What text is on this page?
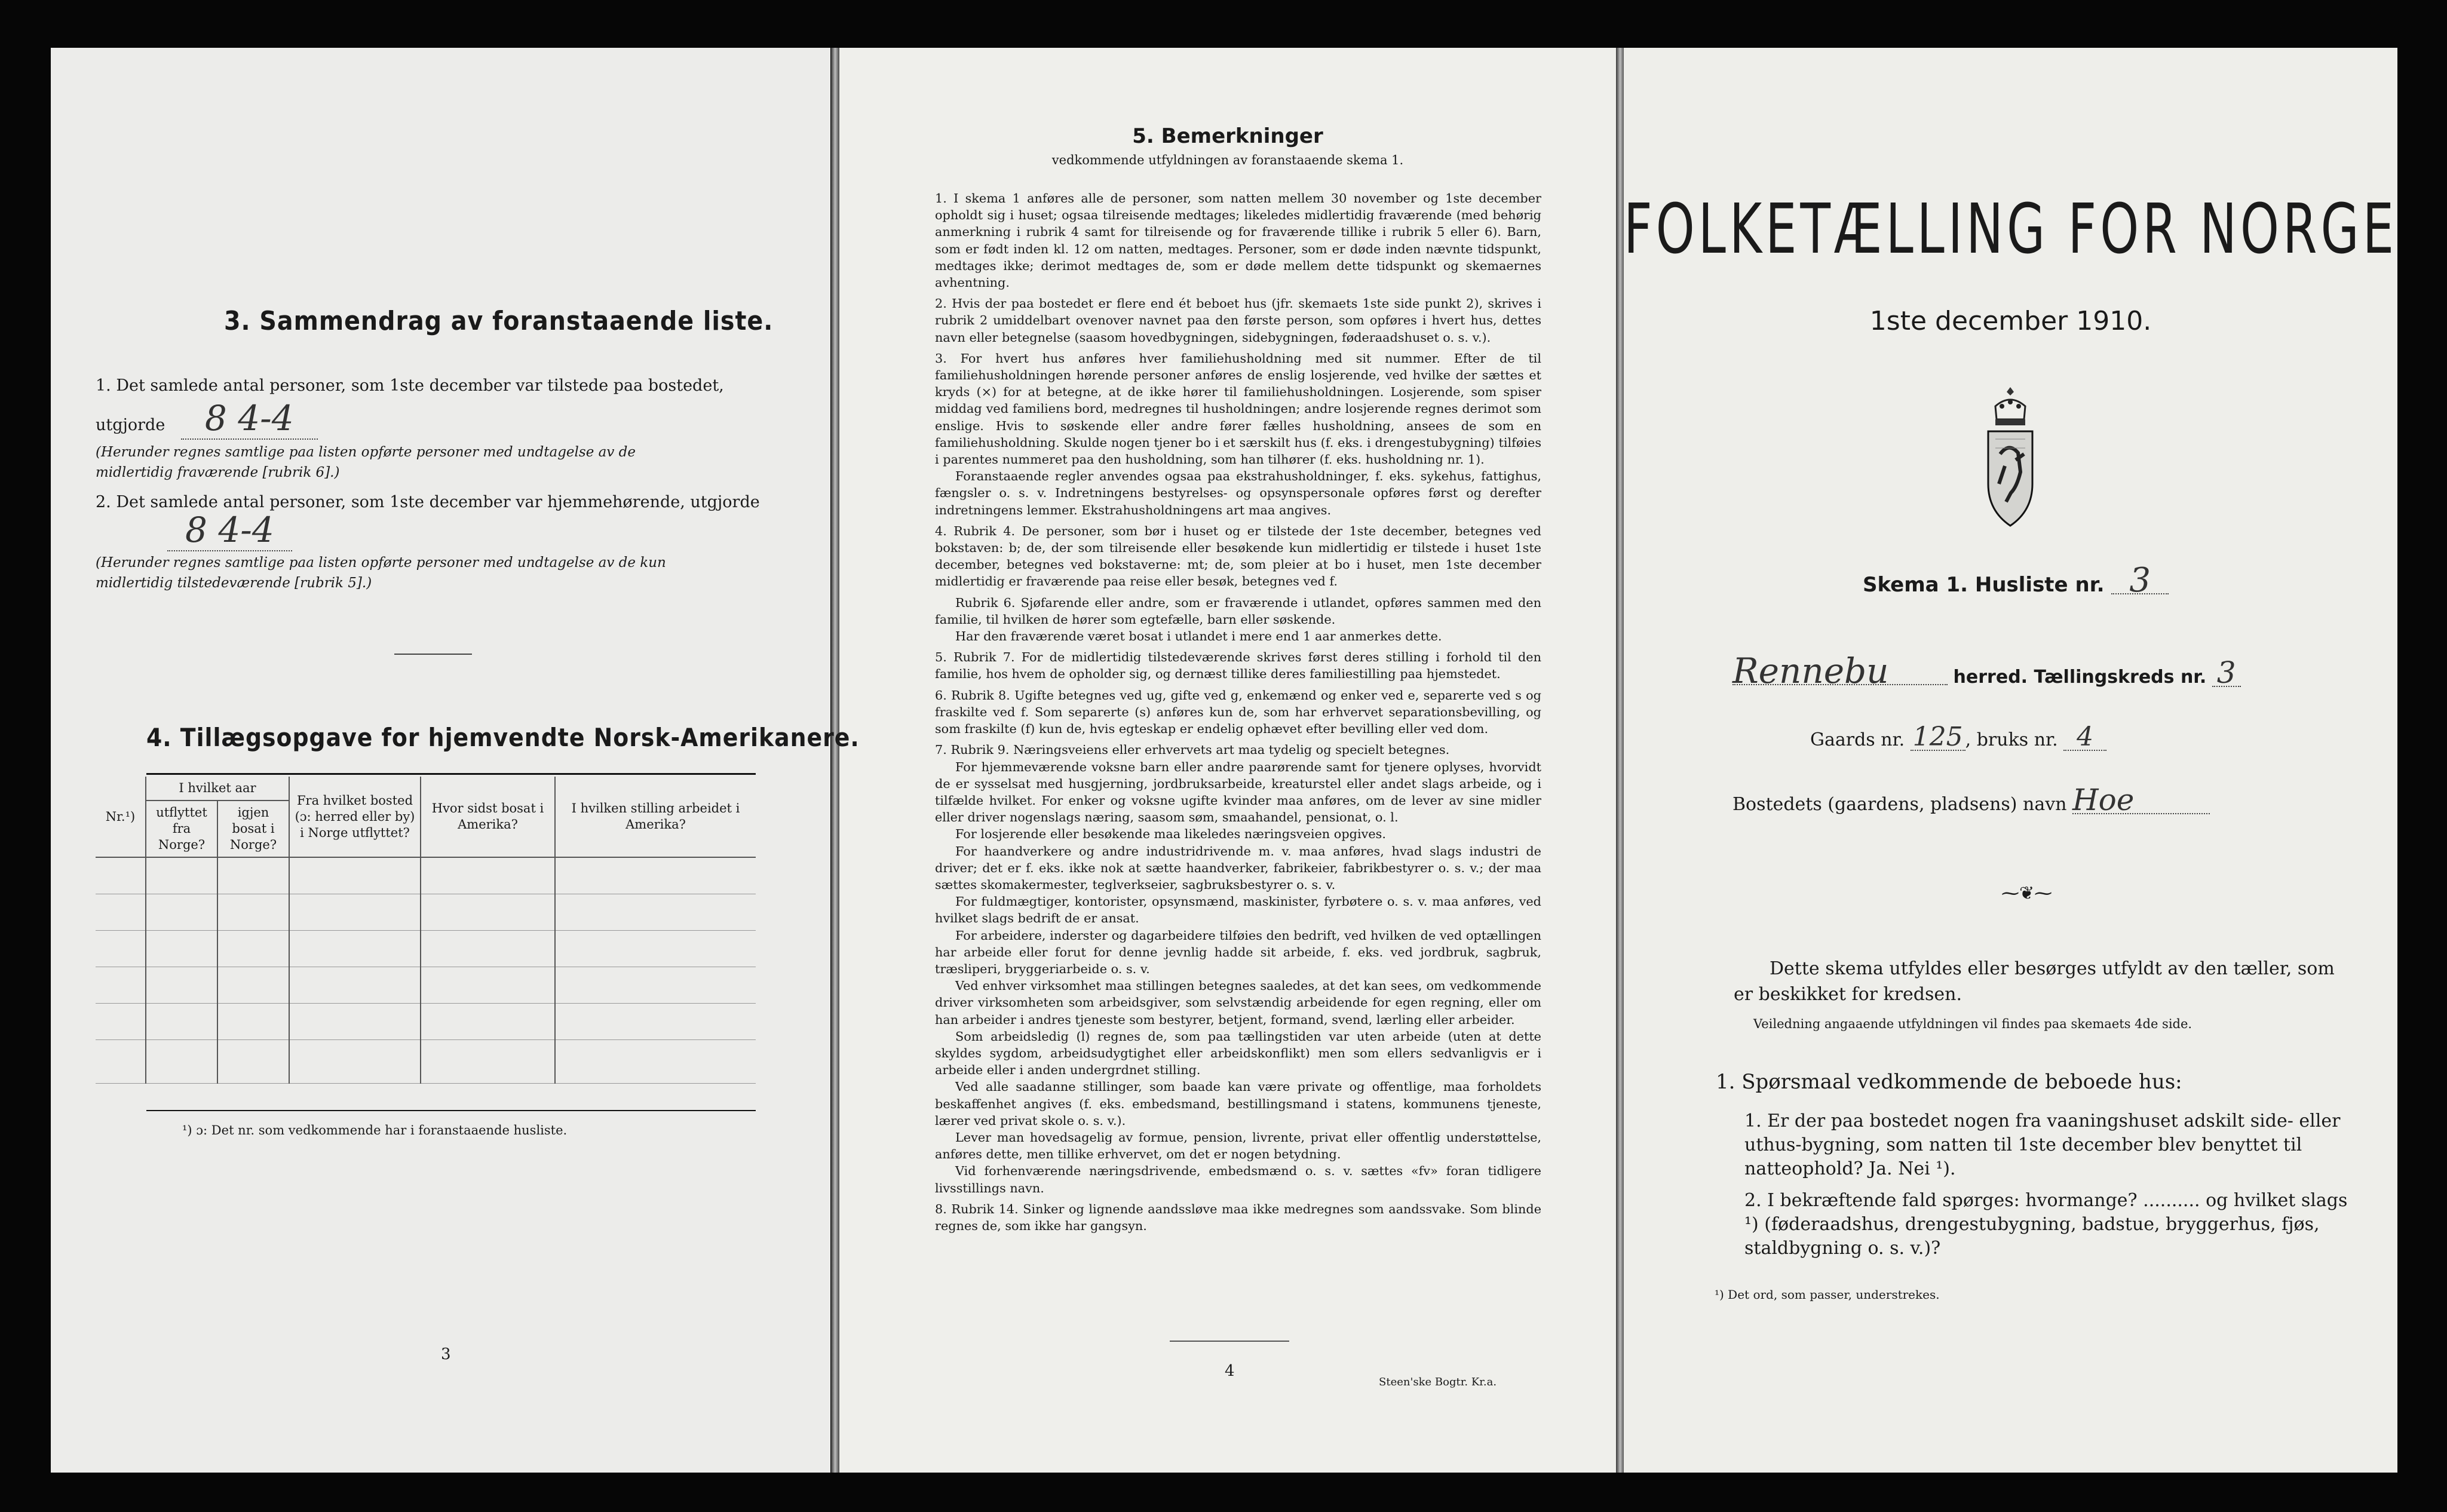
3. Sammendrag av foranstaaende liste.
1. Det samlede antal personer, som 1ste december var tilstede paa bostedet,
utgjorde 8 4-4
(Herunder regnes samtlige paa listen opførte personer med undtagelse av de midlertidig fraværende [rubrik 6].)
2. Det samlede antal personer, som 1ste december var hjemmehørende, utgjorde
8 4-4
(Herunder regnes samtlige paa listen opførte personer med undtagelse av de kun midlertidig tilstedeværende [rubrik 5].)
4. Tillægsopgave for hjemvendte Norsk-Amerikanere.
Nr.¹)	I hvilket aar		Fra hvilket bosted (ɔ: herred eller by) i Norge utflyttet?	Hvor sidst bosat i Amerika?	I hvilken stilling arbeidet i Amerika?
	utflyttet fra Norge?	igjen bosat i Norge?			

¹) ɔ: Det nr. som vedkommende har i foranstaaende husliste.
3
5. Bemerkninger
vedkommende utfyldningen av foranstaaende skema 1.

1. I skema 1 anføres alle de personer, som natten mellem 30 november og 1ste december opholdt sig i huset; ogsaa tilreisende medtages; likeledes midlertidig fraværende (med behørig anmerkning i rubrik 4 samt for tilreisende og for fraværende tillike i rubrik 5 eller 6). Barn, som er født inden kl. 12 om natten, medtages. Personer, som er døde inden nævnte tidspunkt, medtages ikke; derimot medtages de, som er døde mellem dette tidspunkt og skemaernes avhentning.

2. Hvis der paa bostedet er flere end ét beboet hus (jfr. skemaets 1ste side punkt 2), skrives i rubrik 2 umiddelbart ovenover navnet paa den første person, som opføres i hvert hus, dettes navn eller betegnelse (saasom hovedbygningen, sidebygningen, føderaadshuset o. s. v.).

3. For hvert hus anføres hver familiehusholdning med sit nummer. Efter de til familiehusholdningen hørende personer anføres de enslig losjerende, ved hvilke der sættes et kryds (×) for at betegne, at de ikke hører til familiehusholdningen. Losjerende, som spiser middag ved familiens bord, medregnes til husholdningen; andre losjerende regnes derimot som enslige. Hvis to søskende eller andre fører fælles husholdning, ansees de som en familiehusholdning. Skulde nogen tjener bo i et særskilt hus (f. eks. i drengestubygning) tilføies i parentes nummeret paa den husholdning, som han tilhører (f. eks. husholdning nr. 1).

Foranstaaende regler anvendes ogsaa paa ekstrahusholdninger, f. eks. sykehus, fattighus, fængsler o. s. v. Indretningens bestyrelses- og opsynspersonale opføres først og derefter indretningens lemmer. Ekstrahusholdningens art maa angives.

4. Rubrik 4. De personer, som bør i huset og er tilstede der 1ste december, betegnes ved bokstaven: b; de, der som tilreisende eller besøkende kun midlertidig er tilstede i huset 1ste december, betegnes ved bokstaverne: mt; de, som pleier at bo i huset, men 1ste december midlertidig er fraværende paa reise eller besøk, betegnes ved f.

Rubrik 6. Sjøfarende eller andre, som er fraværende i utlandet, opføres sammen med den familie, til hvilken de hører som egtefælle, barn eller søskende.

Har den fraværende været bosat i utlandet i mere end 1 aar anmerkes dette.

5. Rubrik 7. For de midlertidig tilstedeværende skrives først deres stilling i forhold til den familie, hos hvem de opholder sig, og dernæst tillike deres familiestilling paa hjemstedet.

6. Rubrik 8. Ugifte betegnes ved ug, gifte ved g, enkemænd og enker ved e, separerte ved s og fraskilte ved f. Som separerte (s) anføres kun de, som har erhvervet separationsbevilling, og som fraskilte (f) kun de, hvis egteskap er endelig ophævet efter bevilling eller ved dom.

7. Rubrik 9. Næringsveiens eller erhvervets art maa tydelig og specielt betegnes.

For hjemmeværende voksne barn eller andre paarørende samt for tjenere oplyses, hvorvidt de er sysselsat med husgjerning, jordbruksarbeide, kreaturstel eller andet slags arbeide, og i tilfælde hvilket. For enker og voksne ugifte kvinder maa anføres, om de lever av sine midler eller driver nogenslags næring, saasom søm, smaahandel, pensionat, o. l.

For losjerende eller besøkende maa likeledes næringsveien opgives.

For haandverkere og andre industridrivende m. v. maa anføres, hvad slags industri de driver; det er f. eks. ikke nok at sætte haandverker, fabrikeier, fabrikbestyrer o. s. v.; der maa sættes skomakermester, teglverkseier, sagbruksbestyrer o. s. v.

For fuldmægtiger, kontorister, opsynsmænd, maskinister, fyrbøtere o. s. v. maa anføres, ved hvilket slags bedrift de er ansat.

For arbeidere, inderster og dagarbeidere tilføies den bedrift, ved hvilken de ved optællingen har arbeide eller forut for denne jevnlig hadde sit arbeide, f. eks. ved jordbruk, sagbruk, træsliperi, bryggeriarbeide o. s. v.

Ved enhver virksomhet maa stillingen betegnes saaledes, at det kan sees, om vedkommende driver virksomheten som arbeidsgiver, som selvstændig arbeidende for egen regning, eller om han arbeider i andres tjeneste som bestyrer, betjent, formand, svend, lærling eller arbeider.

Som arbeidsledig (l) regnes de, som paa tællingstiden var uten arbeide (uten at dette skyldes sygdom, arbeidsudygtighet eller arbeidskonflikt) men som ellers sedvanligvis er i arbeide eller i anden undergrdnet stilling.

Ved alle saadanne stillinger, som baade kan være private og offentlige, maa forholdets beskaffenhet angives (f. eks. embedsmand, bestillingsmand i statens, kommunens tjeneste, lærer ved privat skole o. s. v.).

Lever man hovedsagelig av formue, pension, livrente, privat eller offentlig understøttelse, anføres dette, men tillike erhvervet, om det er nogen betydning.

Vid forhenværende næringsdrivende, embedsmænd o. s. v. sættes «fv» foran tidligere livsstillings navn.

8. Rubrik 14. Sinker og lignende aandssløve maa ikke medregnes som aandssvake. Som blinde regnes de, som ikke har gangsyn.

4
Steen'ske Bogtr. Kr.a.
FOLKETÆLLING FOR NORGE
1ste december 1910.
Skema 1. Husliste nr. 3
Rennebu	herred. Tællingskreds nr. 3
Gaards nr. 125 , bruks nr. 4
Bostedets (gaardens, pladsens) navn Hoe
⁓❦⁓
Dette skema utfyldes eller besørges utfyldt av den tæller, som er beskikket for kredsen.
Veiledning angaaende utfyldningen vil findes paa skemaets 4de side.
1. Spørsmaal vedkommende de beboede hus:
1. Er der paa bostedet nogen fra vaaningshuset adskilt side- eller uthus-bygning, som natten til 1ste december blev benyttet til natteophold? Ja. Nei ¹).
2. I bekræftende fald spørges: hvormange? .......... og hvilket slags ¹) (føderaadshus, drengestubygning, badstue, bryggerhus, fjøs, staldbygning o. s. v.)?
¹) Det ord, som passer, understrekes.
